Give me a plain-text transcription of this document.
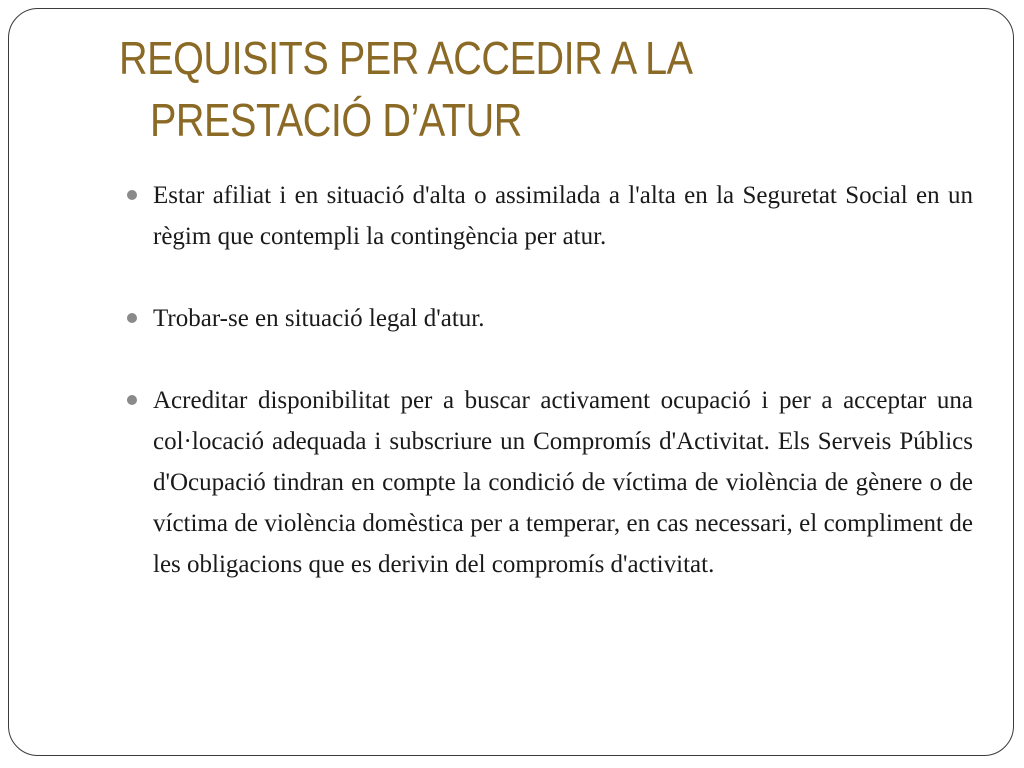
REQUISITS PER ACCEDIR A LA
PRESTACIÓ D’ATUR
Estar afiliat i en situació d'alta o assimilada a l'alta en la Seguretat Social en un règim que contempli la contingència per atur.
Trobar-se en situació legal d'atur.
Acreditar disponibilitat per a buscar activament ocupació i per a acceptar una col·locació adequada i subscriure un Compromís d'Activitat. Els Serveis Públics d'Ocupació tindran en compte la condició de víctima de violència de gènere o de víctima de violència domèstica per a temperar, en cas necessari, el compliment de les obligacions que es derivin del compromís d'activitat.
